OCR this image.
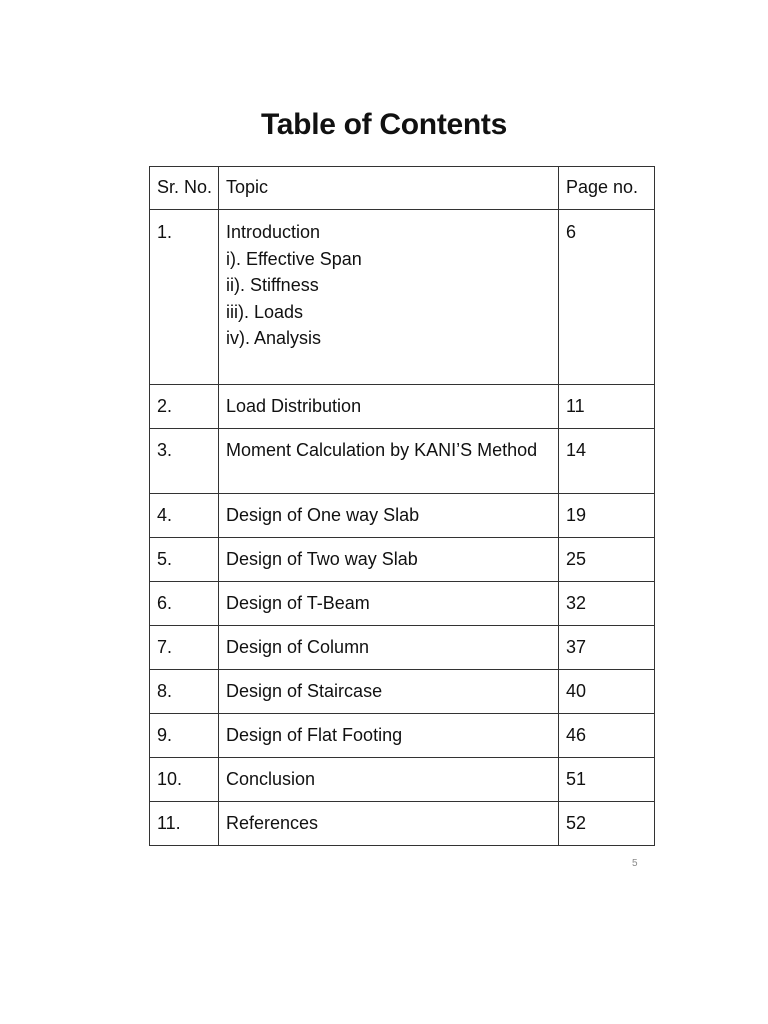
Table of Contents
Sr. No.	Topic	Page no.
1.	Introduction
i). Effective Span
ii). Stiffness
iii). Loads
iv). Analysis	6
2.	Load Distribution	11
3.	Moment Calculation by KANI’S Method	14
4.	Design of One way Slab	19
5.	Design of Two way Slab	25
6.	Design of T-Beam	32
7.	Design of Column	37
8.	Design of Staircase	40
9.	Design of Flat Footing	46
10.	Conclusion	51
11.	References	52
5
